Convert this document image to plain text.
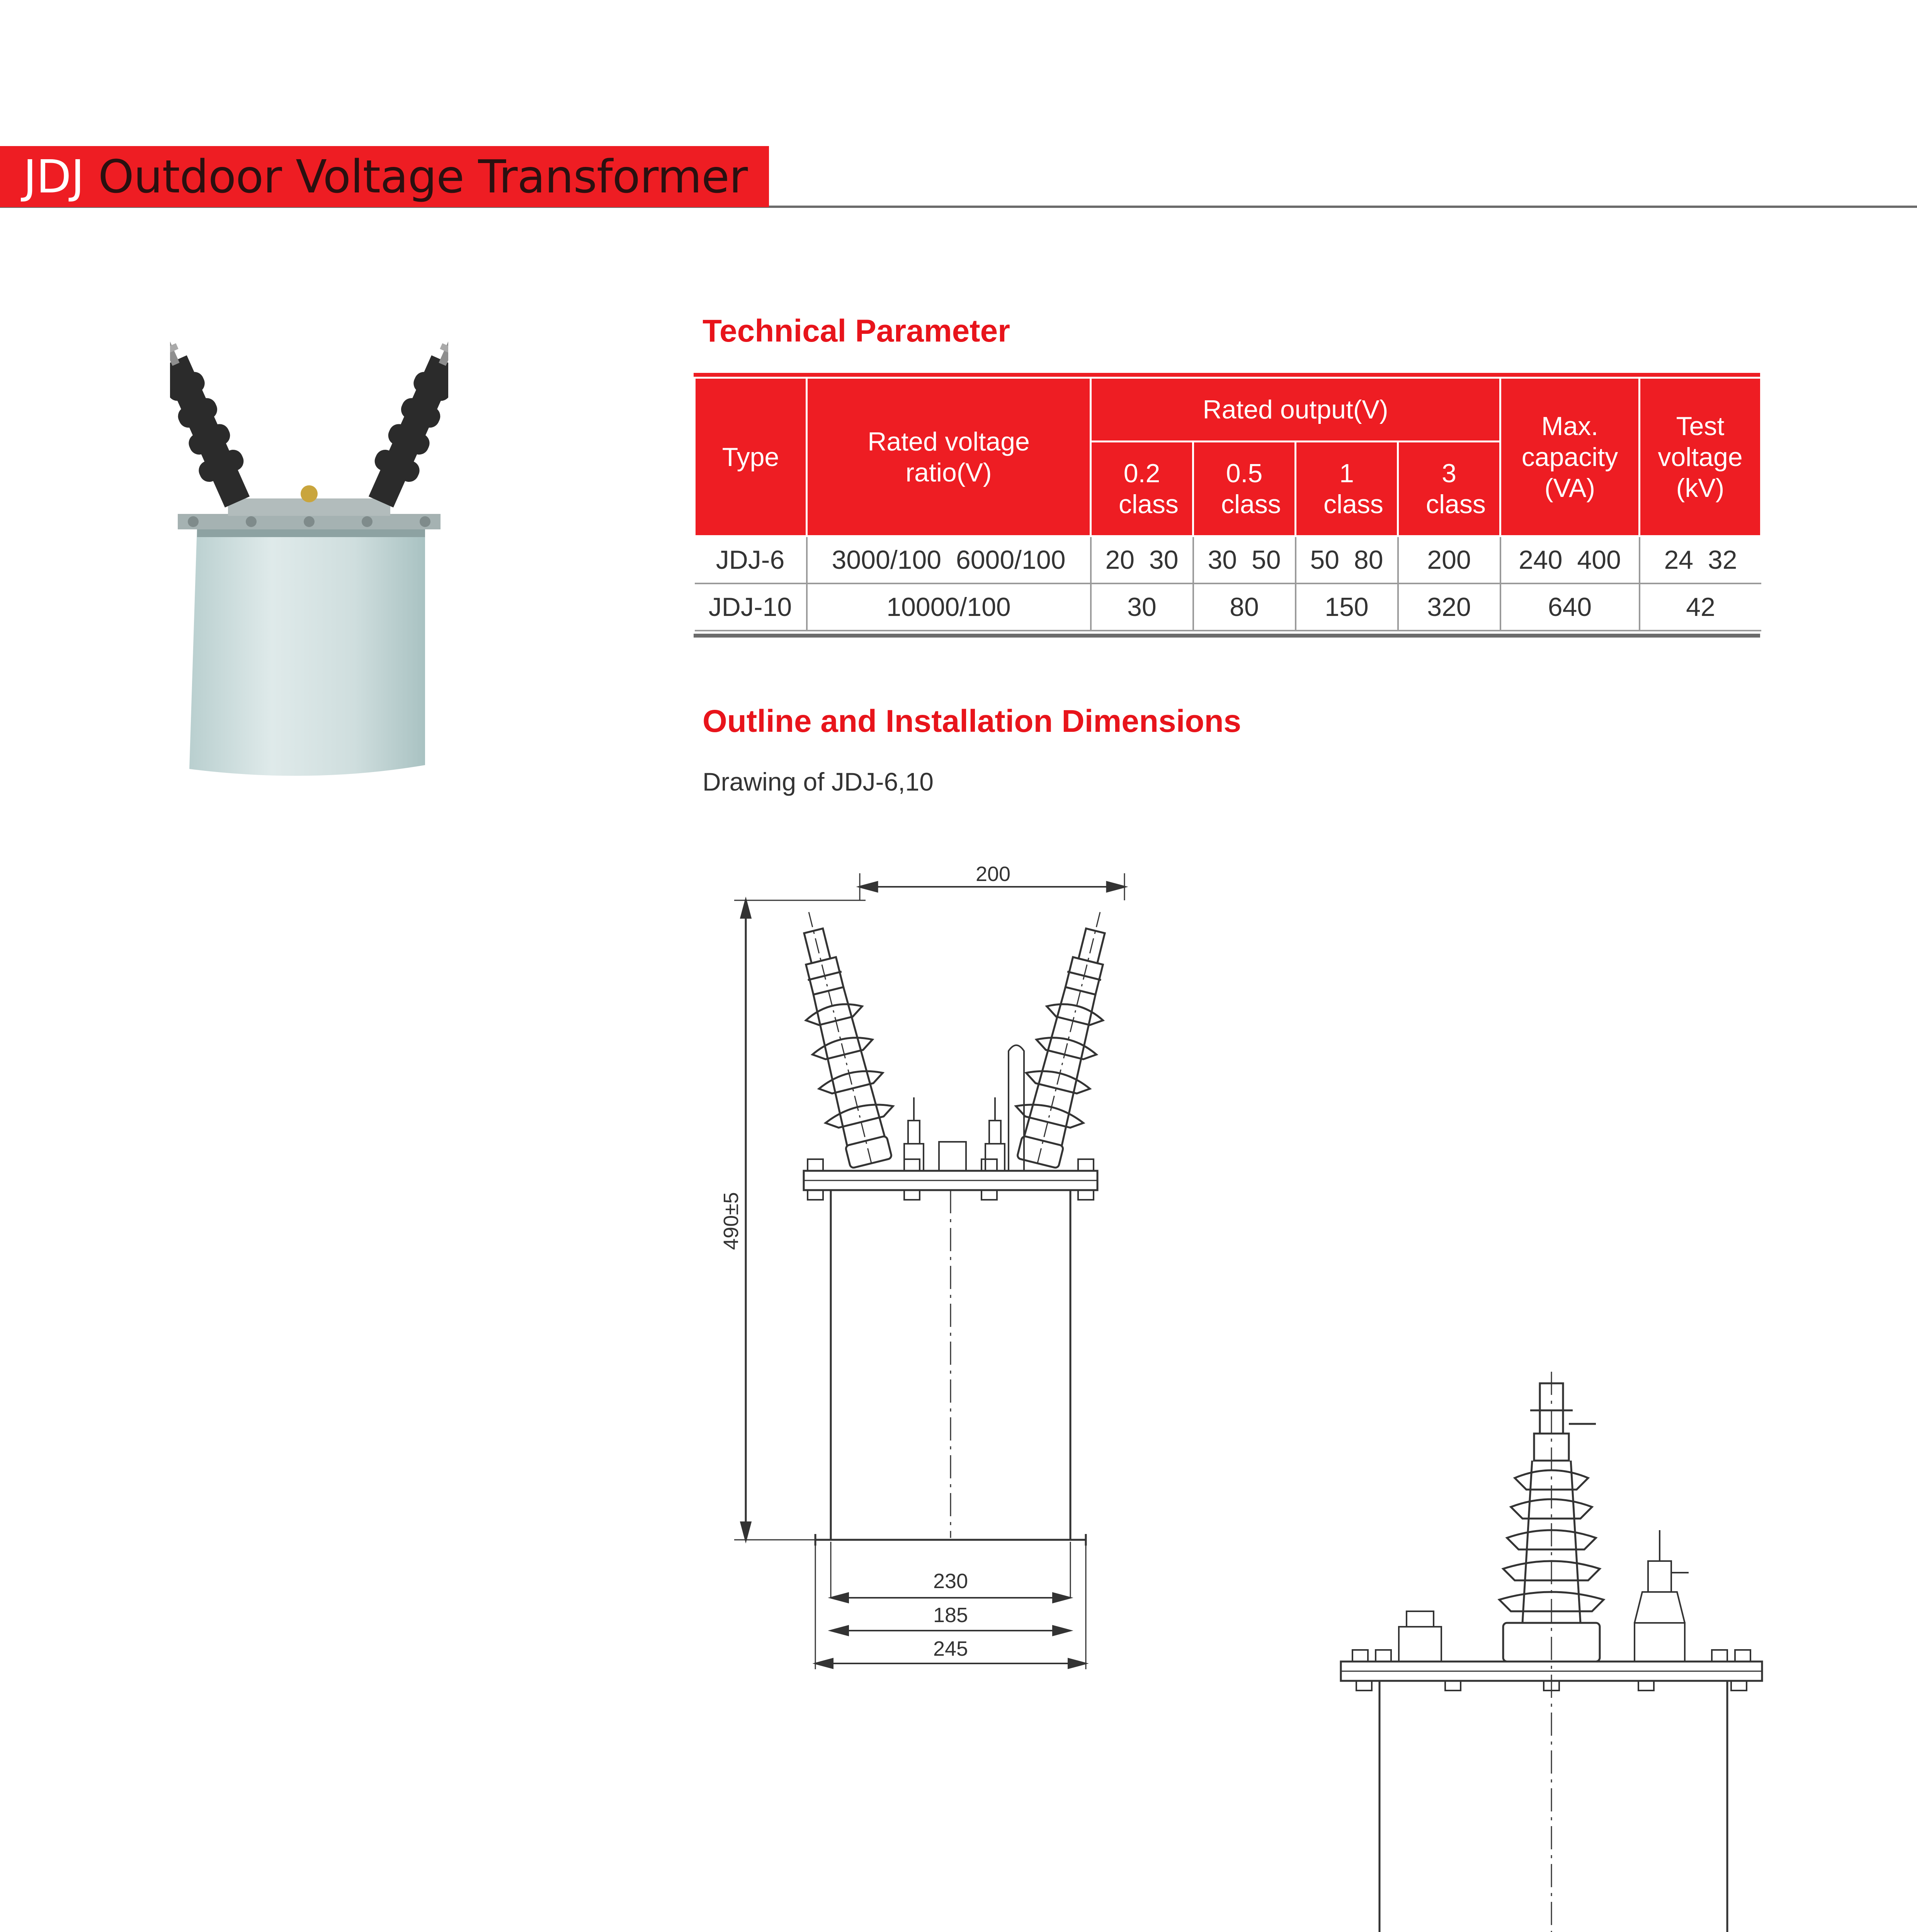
JDJ Outdoor Voltage Transformer
Technical Parameter
Type	Rated voltage ratio(V)	Rated output(V)				Max. capacity (VA)	Test voltage (kV)
		0.2 class	0.5 class	1 class	3 class		
JDJ-6	3000/100  6000/100	20  30	30  50	50  80	200	240  400	24  32
JDJ-10	10000/100	30	80	150	320	640	42
Outline and Installation Dimensions
Drawing of JDJ-6,10
490±5
200
230
185
245
